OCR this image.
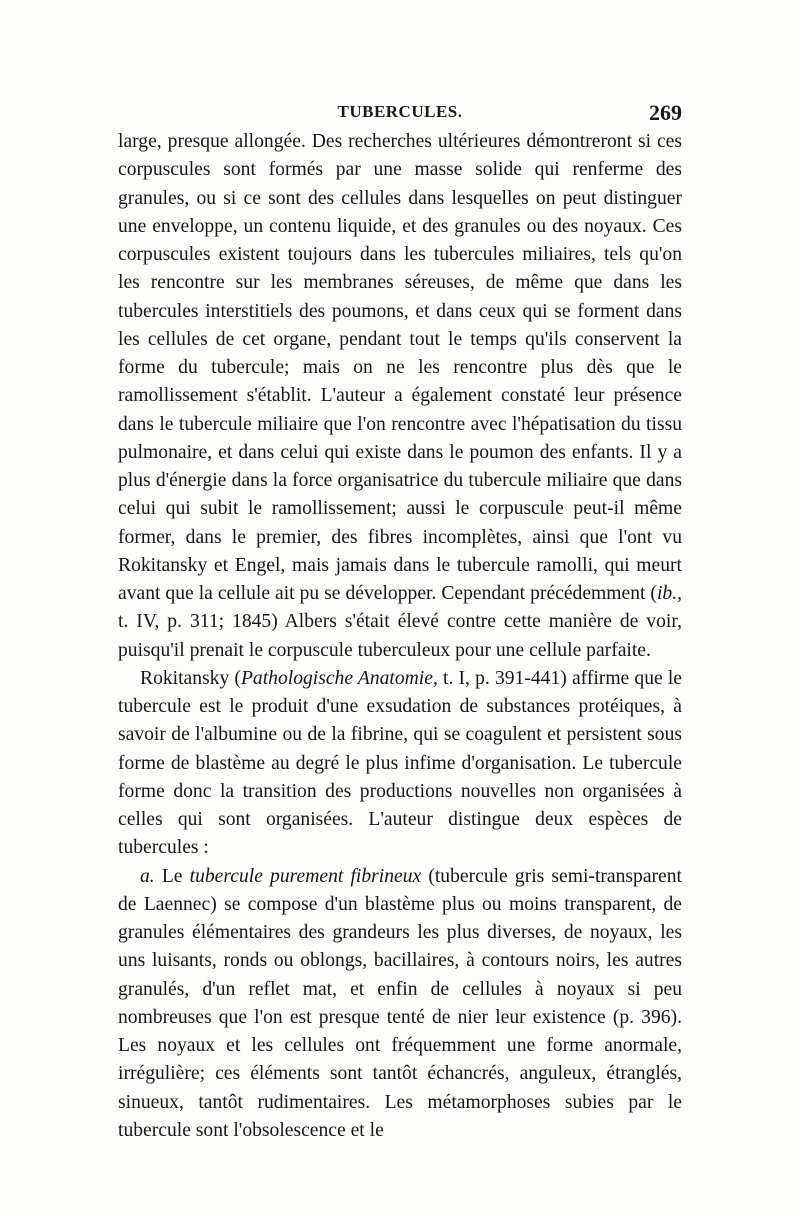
TUBERCULES.	269

large, presque allongée. Des recherches ultérieures démontreront si ces corpuscules sont formés par une masse solide qui renferme des granules, ou si ce sont des cellules dans lesquelles on peut distinguer une enveloppe, un contenu liquide, et des granules ou des noyaux. Ces corpuscules existent toujours dans les tubercules miliaires, tels qu'on les rencontre sur les membranes séreuses, de même que dans les tubercules interstitiels des poumons, et dans ceux qui se forment dans les cellules de cet organe, pendant tout le temps qu'ils conservent la forme du tubercule; mais on ne les rencontre plus dès que le ramollissement s'établit. L'auteur a également constaté leur présence dans le tubercule miliaire que l'on rencontre avec l'hépatisation du tissu pulmonaire, et dans celui qui existe dans le poumon des enfants. Il y a plus d'énergie dans la force organisatrice du tubercule miliaire que dans celui qui subit le ramollissement; aussi le corpuscule peut-il même former, dans le premier, des fibres incomplètes, ainsi que l'ont vu Rokitansky et Engel, mais jamais dans le tubercule ramolli, qui meurt avant que la cellule ait pu se développer. Cependant précédemment (ib., t. IV, p. 311; 1845) Albers s'était élevé contre cette manière de voir, puisqu'il prenait le corpuscule tuberculeux pour une cellule parfaite.

Rokitansky (Pathologische Anatomie, t. I, p. 391-441) affirme que le tubercule est le produit d'une exsudation de substances protéiques, à savoir de l'albumine ou de la fibrine, qui se coagulent et persistent sous forme de blastème au degré le plus infime d'organisation. Le tubercule forme donc la transition des productions nouvelles non organisées à celles qui sont organisées. L'auteur distingue deux espèces de tubercules :

a. Le tubercule purement fibrineux (tubercule gris semi-transparent de Laennec) se compose d'un blastème plus ou moins transparent, de granules élémentaires des grandeurs les plus diverses, de noyaux, les uns luisants, ronds ou oblongs, bacillaires, à contours noirs, les autres granulés, d'un reflet mat, et enfin de cellules à noyaux si peu nombreuses que l'on est presque tenté de nier leur existence (p. 396). Les noyaux et les cellules ont fréquemment une forme anormale, irrégulière; ces éléments sont tantôt échancrés, anguleux, étranglés, sinueux, tantôt rudimentaires. Les métamorphoses subies par le tubercule sont l'obsolescence et le
